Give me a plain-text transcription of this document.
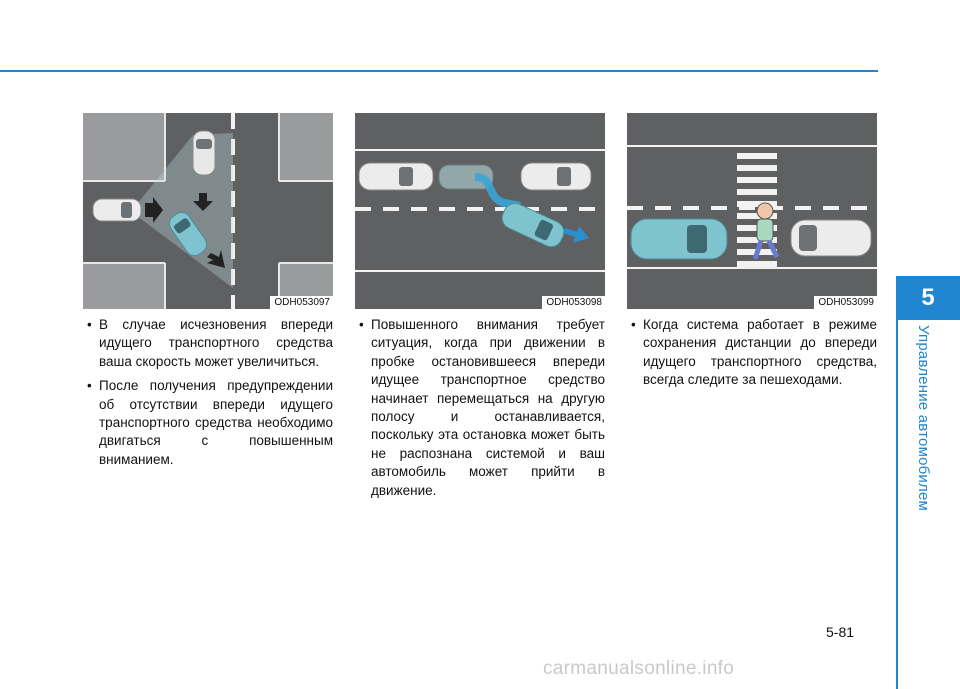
5
Управление автомобилем
ODH053097	ODH053098	ODH053099
• В случае исчезновения впереди идущего транспортного средства ваша скорость может увеличиться.
• После получения предупреждении об отсутствии впереди идущего транспортного средства необходимо двигаться с повышенным вниманием.
• Повышенного внимания требует ситуация, когда при движении в пробке остановившееся впереди идущее транспортное средство начинает перемещаться на другую полосу и останавливается, поскольку эта остановка может быть не распознана системой и ваш автомобиль может прийти в движение.
• Когда система работает в режиме сохранения дистанции до впереди идущего транспортного средства, всегда следите за пешеходами.
5-81
carmanualsonline.info
